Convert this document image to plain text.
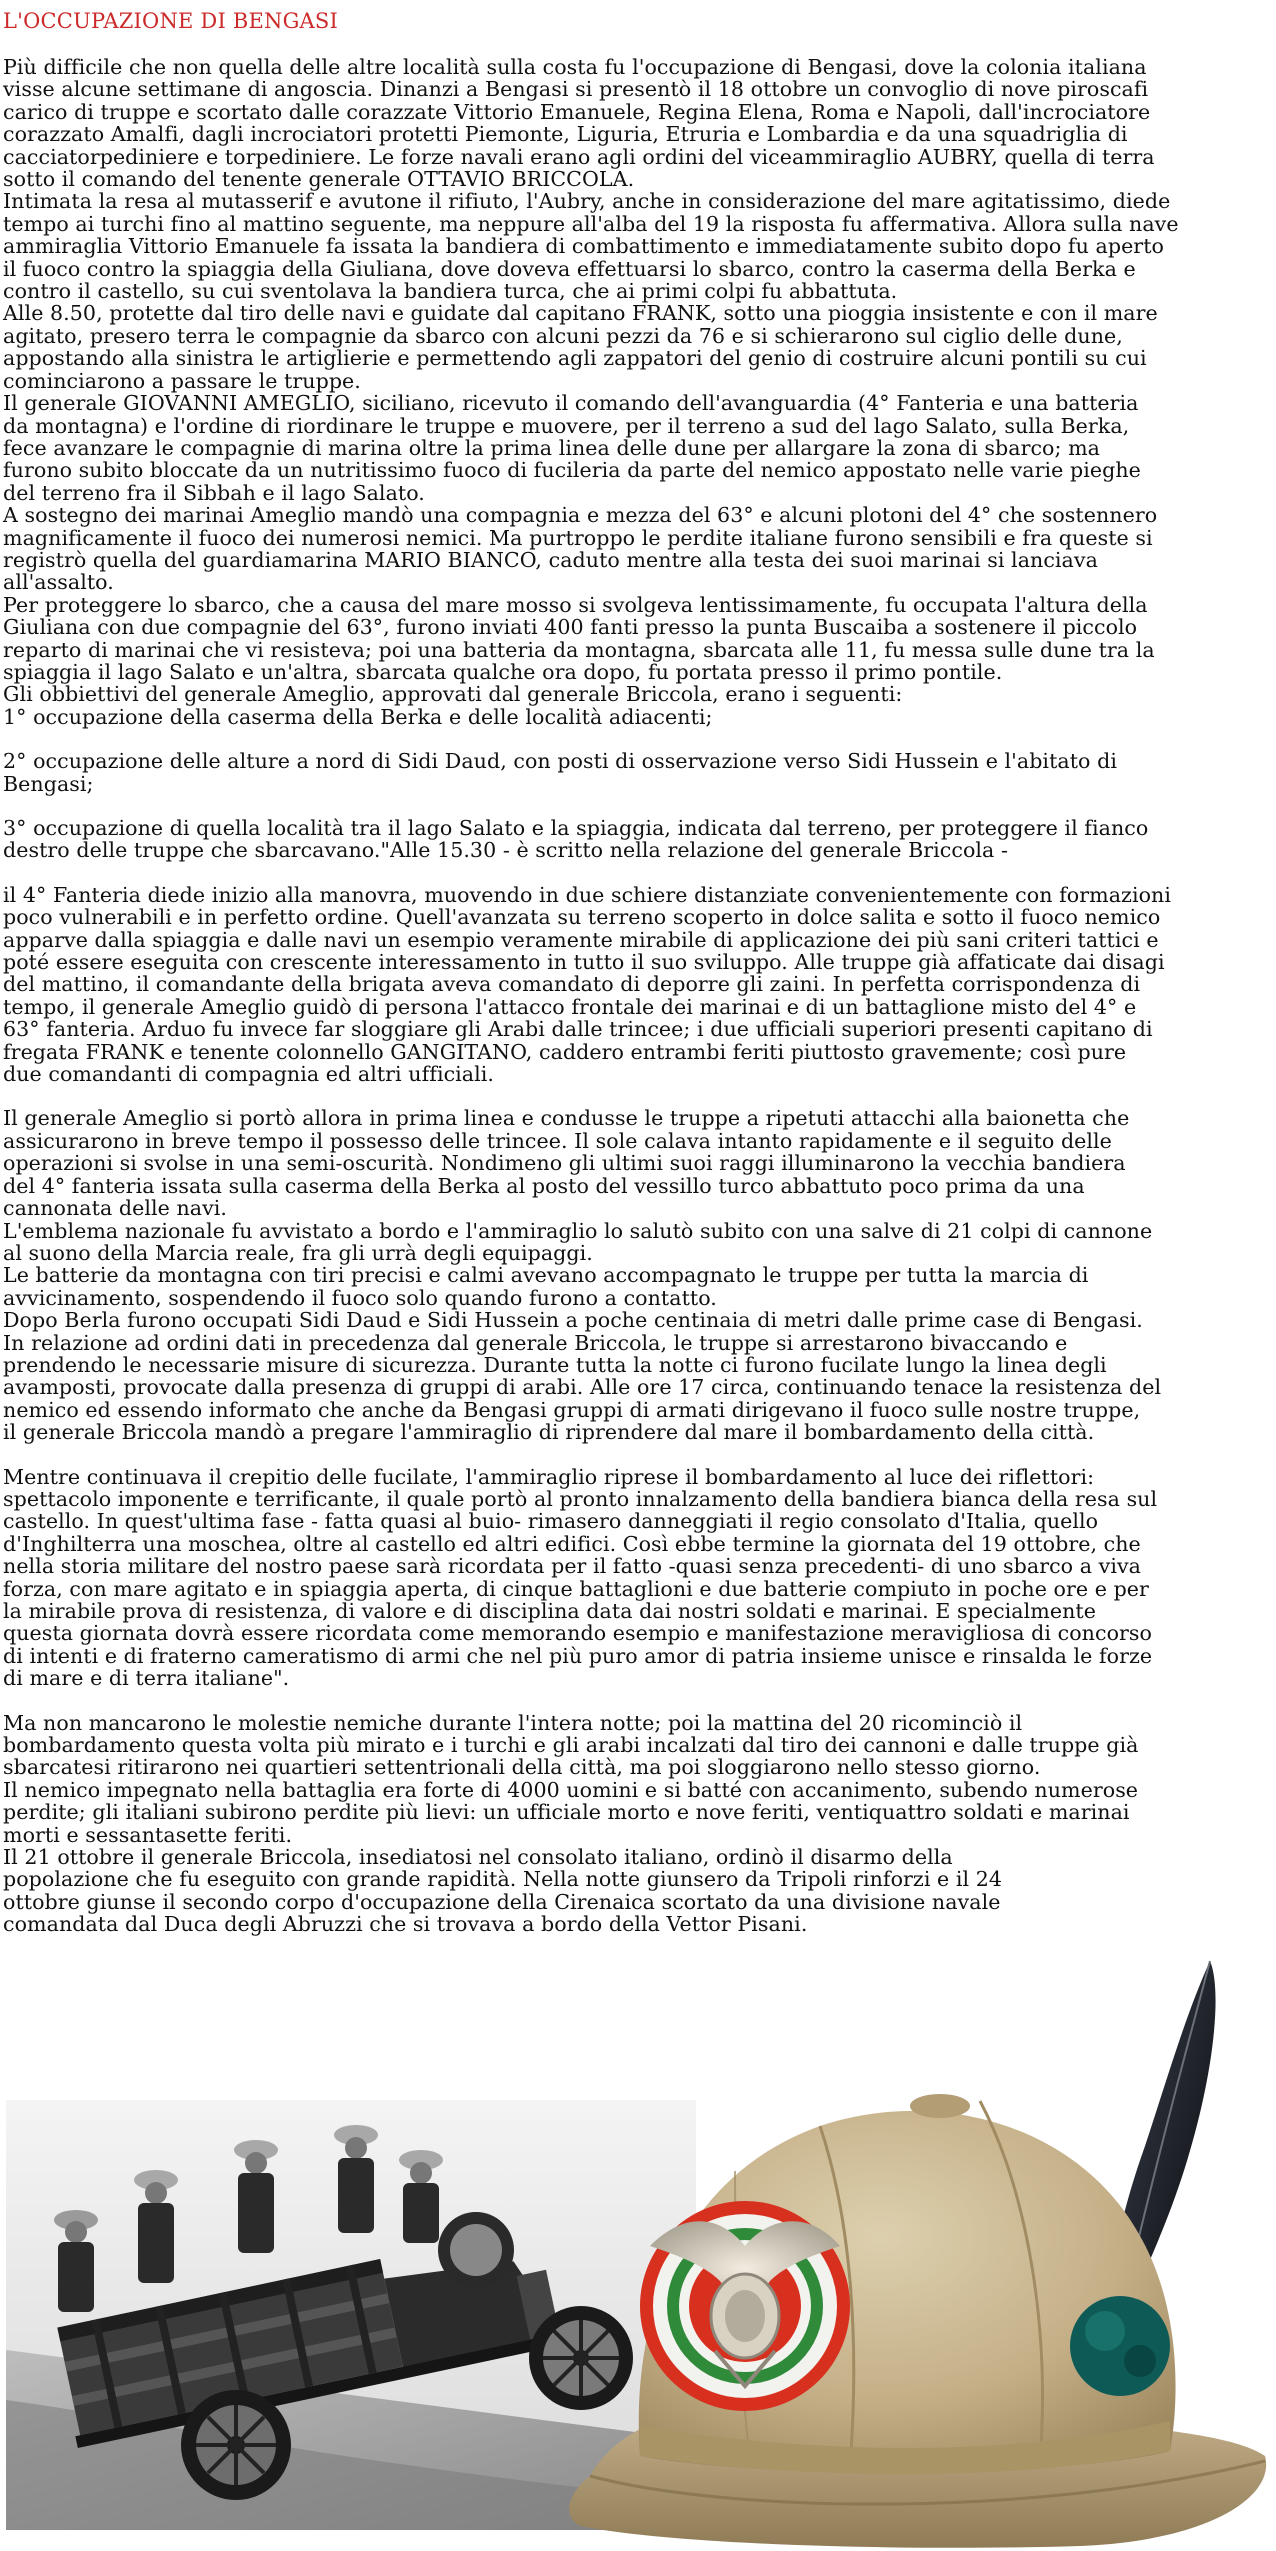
L'OCCUPAZIONE DI BENGASI

Più difficile che non quella delle altre località sulla costa fu l'occupazione di Bengasi, dove la colonia italiana
visse alcune settimane di angoscia. Dinanzi a Bengasi si presentò il 18 ottobre un convoglio di nove piroscafi
carico di truppe e scortato dalle corazzate Vittorio Emanuele, Regina Elena, Roma e Napoli, dall'incrociatore
corazzato Amalfi, dagli incrociatori protetti Piemonte, Liguria, Etruria e Lombardia e da una squadriglia di
cacciatorpediniere e torpediniere. Le forze navali erano agli ordini del viceammiraglio AUBRY, quella di terra
sotto il comando del tenente generale OTTAVIO BRICCOLA.

Intimata la resa al mutasserif e avutone il rifiuto, l'Aubry, anche in considerazione del mare agitatissimo, diede
tempo ai turchi fino al mattino seguente, ma neppure all'alba del 19 la risposta fu affermativa. Allora sulla nave
ammiraglia Vittorio Emanuele fa issata la bandiera di combattimento e immediatamente subito dopo fu aperto
il fuoco contro la spiaggia della Giuliana, dove doveva effettuarsi lo sbarco, contro la caserma della Berka e
contro il castello, su cui sventolava la bandiera turca, che ai primi colpi fu abbattuta.

Alle 8.50, protette dal tiro delle navi e guidate dal capitano FRANK, sotto una pioggia insistente e con il mare
agitato, presero terra le compagnie da sbarco con alcuni pezzi da 76 e si schierarono sul ciglio delle dune,
appostando alla sinistra le artiglierie e permettendo agli zappatori del genio di costruire alcuni pontili su cui
cominciarono a passare le truppe.

Il generale GIOVANNI AMEGLIO, siciliano, ricevuto il comando dell'avanguardia (4° Fanteria e una batteria
da montagna) e l'ordine di riordinare le truppe e muovere, per il terreno a sud del lago Salato, sulla Berka,
fece avanzare le compagnie di marina oltre la prima linea delle dune per allargare la zona di sbarco; ma
furono subito bloccate da un nutritissimo fuoco di fucileria da parte del nemico appostato nelle varie pieghe
del terreno fra il Sibbah e il lago Salato.

A sostegno dei marinai Ameglio mandò una compagnia e mezza del 63° e alcuni plotoni del 4° che sostennero
magnificamente il fuoco dei numerosi nemici. Ma purtroppo le perdite italiane furono sensibili e fra queste si
registrò quella del guardiamarina MARIO BIANCO, caduto mentre alla testa dei suoi marinai si lanciava
all'assalto.

Per proteggere lo sbarco, che a causa del mare mosso si svolgeva lentissimamente, fu occupata l'altura della
Giuliana con due compagnie del 63°, furono inviati 400 fanti presso la punta Buscaiba a sostenere il piccolo
reparto di marinai che vi resisteva; poi una batteria da montagna, sbarcata alle 11, fu messa sulle dune tra la
spiaggia il lago Salato e un'altra, sbarcata qualche ora dopo, fu portata presso il primo pontile.

Gli obbiettivi del generale Ameglio, approvati dal generale Briccola, erano i seguenti:
1° occupazione della caserma della Berka e delle località adiacenti;

2° occupazione delle alture a nord di Sidi Daud, con posti di osservazione verso Sidi Hussein e l'abitato di
Bengasi;

3° occupazione di quella località tra il lago Salato e la spiaggia, indicata dal terreno, per proteggere il fianco
destro delle truppe che sbarcavano."Alle 15.30 - è scritto nella relazione del generale Briccola -

il 4° Fanteria diede inizio alla manovra, muovendo in due schiere distanziate convenientemente con formazioni
poco vulnerabili e in perfetto ordine. Quell'avanzata su terreno scoperto in dolce salita e sotto il fuoco nemico
apparve dalla spiaggia e dalle navi un esempio veramente mirabile di applicazione dei più sani criteri tattici e
poté essere eseguita con crescente interessamento in tutto il suo sviluppo. Alle truppe già affaticate dai disagi
del mattino, il comandante della brigata aveva comandato di deporre gli zaini. In perfetta corrispondenza di
tempo, il generale Ameglio guidò di persona l'attacco frontale dei marinai e di un battaglione misto del 4° e
63° fanteria. Arduo fu invece far sloggiare gli Arabi dalle trincee; i due ufficiali superiori presenti capitano di
fregata FRANK e tenente colonnello GANGITANO, caddero entrambi feriti piuttosto gravemente; così pure
due comandanti di compagnia ed altri ufficiali.

Il generale Ameglio si portò allora in prima linea e condusse le truppe a ripetuti attacchi alla baionetta che
assicurarono in breve tempo il possesso delle trincee. Il sole calava intanto rapidamente e il seguito delle
operazioni si svolse in una semi-oscurità. Nondimeno gli ultimi suoi raggi illuminarono la vecchia bandiera
del 4° fanteria issata sulla caserma della Berka al posto del vessillo turco abbattuto poco prima da una
cannonata delle navi.

L'emblema nazionale fu avvistato a bordo e l'ammiraglio lo salutò subito con una salve di 21 colpi di cannone
al suono della Marcia reale, fra gli urrà degli equipaggi.

Le batterie da montagna con tiri precisi e calmi avevano accompagnato le truppe per tutta la marcia di
avvicinamento, sospendendo il fuoco solo quando furono a contatto.

Dopo Berla furono occupati Sidi Daud e Sidi Hussein a poche centinaia di metri dalle prime case di Bengasi.
In relazione ad ordini dati in precedenza dal generale Briccola, le truppe si arrestarono bivaccando e
prendendo le necessarie misure di sicurezza. Durante tutta la notte ci furono fucilate lungo la linea degli
avamposti, provocate dalla presenza di gruppi di arabi. Alle ore 17 circa, continuando tenace la resistenza del
nemico ed essendo informato che anche da Bengasi gruppi di armati dirigevano il fuoco sulle nostre truppe,
il generale Briccola mandò a pregare l'ammiraglio di riprendere dal mare il bombardamento della città.

Mentre continuava il crepitio delle fucilate, l'ammiraglio riprese il bombardamento al luce dei riflettori:
spettacolo imponente e terrificante, il quale portò al pronto innalzamento della bandiera bianca della resa sul
castello. In quest'ultima fase - fatta quasi al buio- rimasero danneggiati il regio consolato d'Italia, quello
d'Inghilterra una moschea, oltre al castello ed altri edifici. Così ebbe termine la giornata del 19 ottobre, che
nella storia militare del nostro paese sarà ricordata per il fatto -quasi senza precedenti- di uno sbarco a viva
forza, con mare agitato e in spiaggia aperta, di cinque battaglioni e due batterie compiuto in poche ore e per
la mirabile prova di resistenza, di valore e di disciplina data dai nostri soldati e marinai. E specialmente
questa giornata dovrà essere ricordata come memorando esempio e manifestazione meravigliosa di concorso
di intenti e di fraterno cameratismo di armi che nel più puro amor di patria insieme unisce e rinsalda le forze
di mare e di terra italiane".

Ma non mancarono le molestie nemiche durante l'intera notte; poi la mattina del 20 ricominciò il
bombardamento questa volta più mirato e i turchi e gli arabi incalzati dal tiro dei cannoni e dalle truppe già
sbarcatesi ritirarono nei quartieri settentrionali della città, ma poi sloggiarono nello stesso giorno.

Il nemico impegnato nella battaglia era forte di 4000 uomini e si batté con accanimento, subendo numerose
perdite; gli italiani subirono perdite più lievi: un ufficiale morto e nove feriti, ventiquattro soldati e marinai
morti e sessantasette feriti.

Il 21 ottobre il generale Briccola, insediatosi nel consolato italiano, ordinò il disarmo della
popolazione che fu eseguito con grande rapidità. Nella notte giunsero da Tripoli rinforzi e il 24
ottobre giunse il secondo corpo d'occupazione della Cirenaica scortato da una divisione navale
comandata dal Duca degli Abruzzi che si trovava a bordo della Vettor Pisani.
